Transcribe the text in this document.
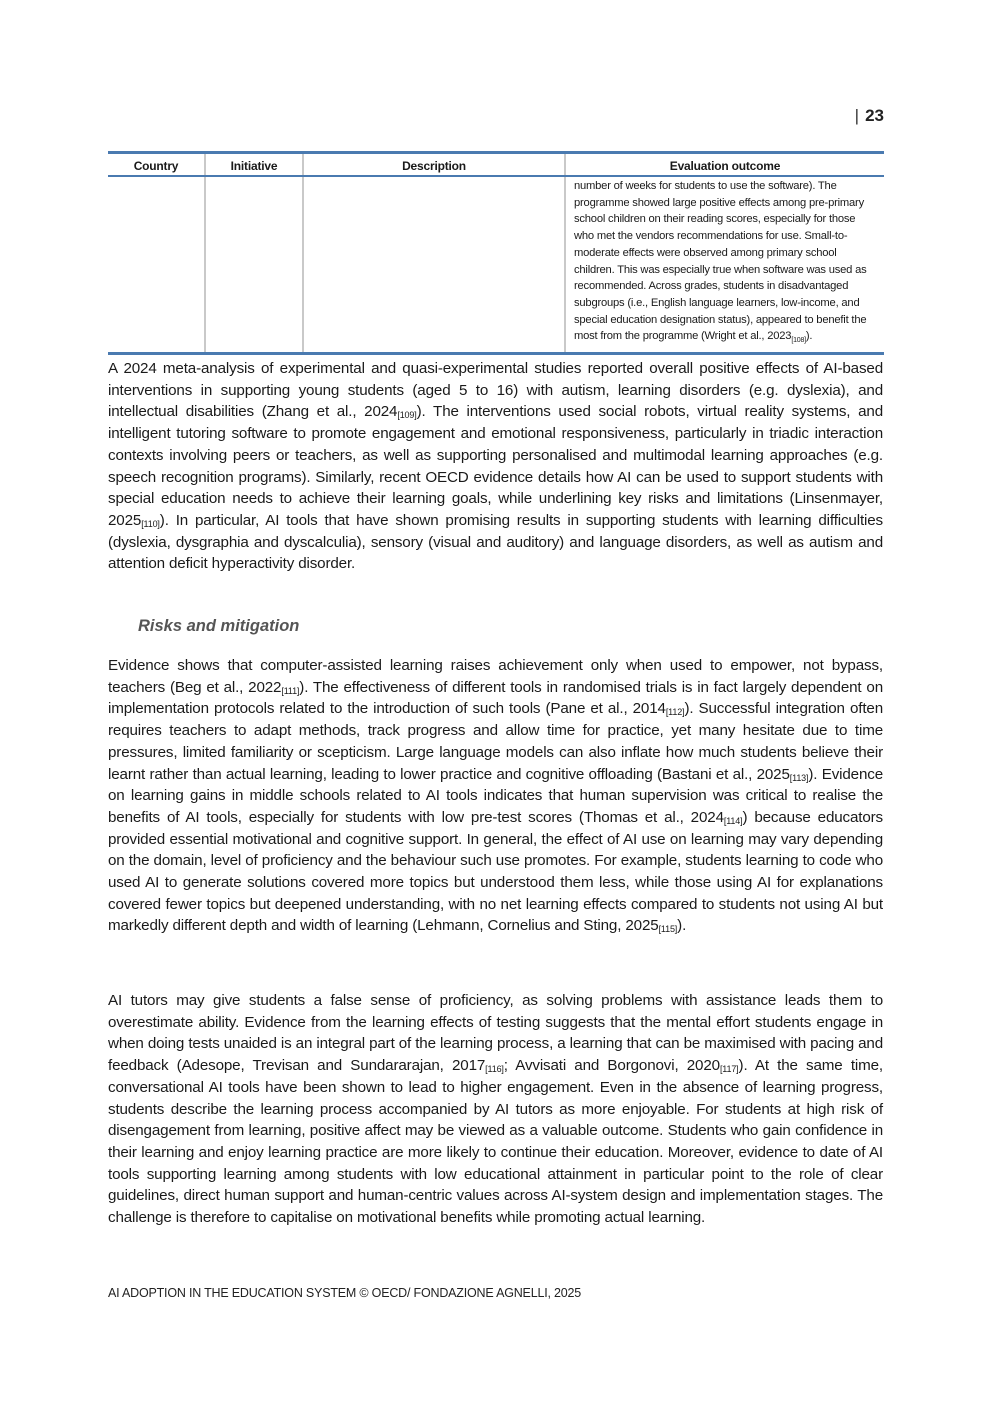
| 23
Country	Initiative	Description	Evaluation outcome
			number of weeks for students to use the software). The programme showed large positive effects among pre-primary school children on their reading scores, especially for those who met the vendors recommendations for use. Small-to-moderate effects were observed among primary school children. This was especially true when software was used as recommended. Across grades, students in disadvantaged subgroups (i.e., English language learners, low-income, and special education designation status), appeared to benefit the most from the programme (Wright et al., $2023_{[108]}$).

A 2024 meta-analysis of experimental and quasi-experimental studies reported overall positive effects of AI-based interventions in supporting young students (aged 5 to 16) with autism, learning disorders (e.g. dyslexia), and intellectual disabilities (Zhang et al., $2024_{[109]}$). The interventions used social robots, virtual reality systems, and intelligent tutoring software to promote engagement and emotional responsiveness, particularly in triadic interaction contexts involving peers or teachers, as well as supporting personalised and multimodal learning approaches (e.g. speech recognition programs). Similarly, recent OECD evidence details how AI can be used to support students with special education needs to achieve their learning goals, while underlining key risks and limitations (Linsenmayer, $2025_{[110]}$). In particular, AI tools that have shown promising results in supporting students with learning difficulties (dyslexia, dysgraphia and dyscalculia), sensory (visual and auditory) and language disorders, as well as autism and attention deficit hyperactivity disorder.

Risks and mitigation

Evidence shows that computer-assisted learning raises achievement only when used to empower, not bypass, teachers (Beg et al., $2022_{[111]}$). The effectiveness of different tools in randomised trials is in fact largely dependent on implementation protocols related to the introduction of such tools (Pane et al., $2014_{[112]}$). Successful integration often requires teachers to adapt methods, track progress and allow time for practice, yet many hesitate due to time pressures, limited familiarity or scepticism. Large language models can also inflate how much students believe their learnt rather than actual learning, leading to lower practice and cognitive offloading (Bastani et al., $2025_{[113]}$). Evidence on learning gains in middle schools related to AI tools indicates that human supervision was critical to realise the benefits of AI tools, especially for students with low pre-test scores (Thomas et al., $2024_{[114]}$) because educators provided essential motivational and cognitive support. In general, the effect of AI use on learning may vary depending on the domain, level of proficiency and the behaviour such use promotes. For example, students learning to code who used AI to generate solutions covered more topics but understood them less, while those using AI for explanations covered fewer topics but deepened understanding, with no net learning effects compared to students not using AI but markedly different depth and width of learning (Lehmann, Cornelius and Sting, $2025_{[115]}$).

AI tutors may give students a false sense of proficiency, as solving problems with assistance leads them to overestimate ability. Evidence from the learning effects of testing suggests that the mental effort students engage in when doing tests unaided is an integral part of the learning process, a learning that can be maximised with pacing and feedback (Adesope, Trevisan and Sundararajan, $2017_{[116]}$; Avvisati and Borgonovi, $2020_{[117]}$). At the same time, conversational AI tools have been shown to lead to higher engagement. Even in the absence of learning progress, students describe the learning process accompanied by AI tutors as more enjoyable. For students at high risk of disengagement from learning, positive affect may be viewed as a valuable outcome. Students who gain confidence in their learning and enjoy learning practice are more likely to continue their education. Moreover, evidence to date of AI tools supporting learning among students with low educational attainment in particular point to the role of clear guidelines, direct human support and human-centric values across AI-system design and implementation stages. The challenge is therefore to capitalise on motivational benefits while promoting actual learning.

AI ADOPTION IN THE EDUCATION SYSTEM © OECD/ FONDAZIONE AGNELLI, 2025
